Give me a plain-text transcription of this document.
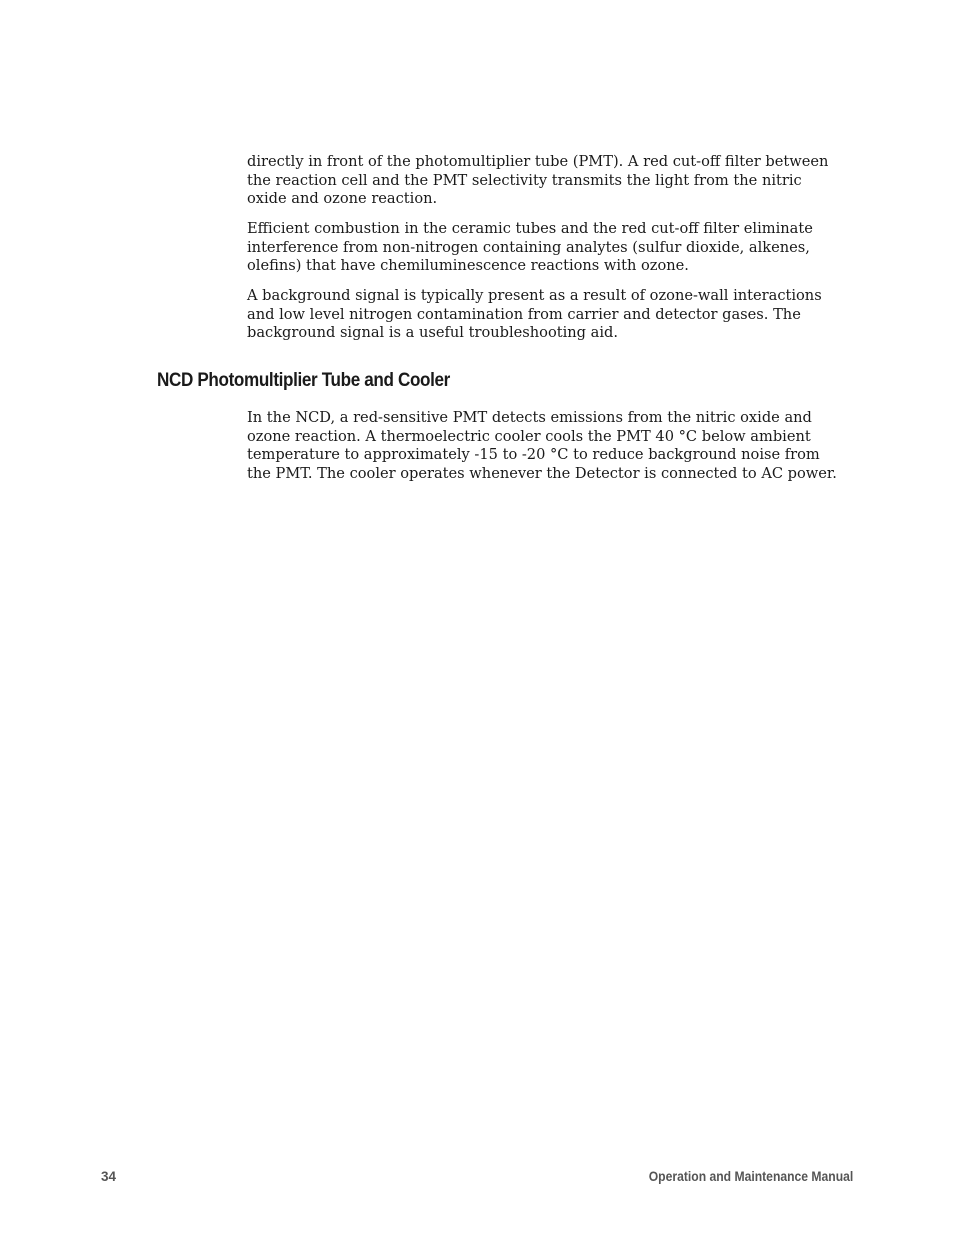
directly in front of the photomultiplier tube (PMT). A red cut-off filter between
the reaction cell and the PMT selectivity transmits the light from the nitric
oxide and ozone reaction.

Efficient combustion in the ceramic tubes and the red cut-off filter eliminate
interference from non-nitrogen containing analytes (sulfur dioxide, alkenes,
olefins) that have chemiluminescence reactions with ozone.

A background signal is typically present as a result of ozone-wall interactions
and low level nitrogen contamination from carrier and detector gases. The
background signal is a useful troubleshooting aid.

NCD Photomultiplier Tube and Cooler

In the NCD, a red-sensitive PMT detects emissions from the nitric oxide and
ozone reaction. A thermoelectric cooler cools the PMT 40 °C below ambient
temperature to approximately -15 to -20 °C to reduce background noise from
the PMT. The cooler operates whenever the Detector is connected to AC power.

34	Operation and Maintenance Manual
